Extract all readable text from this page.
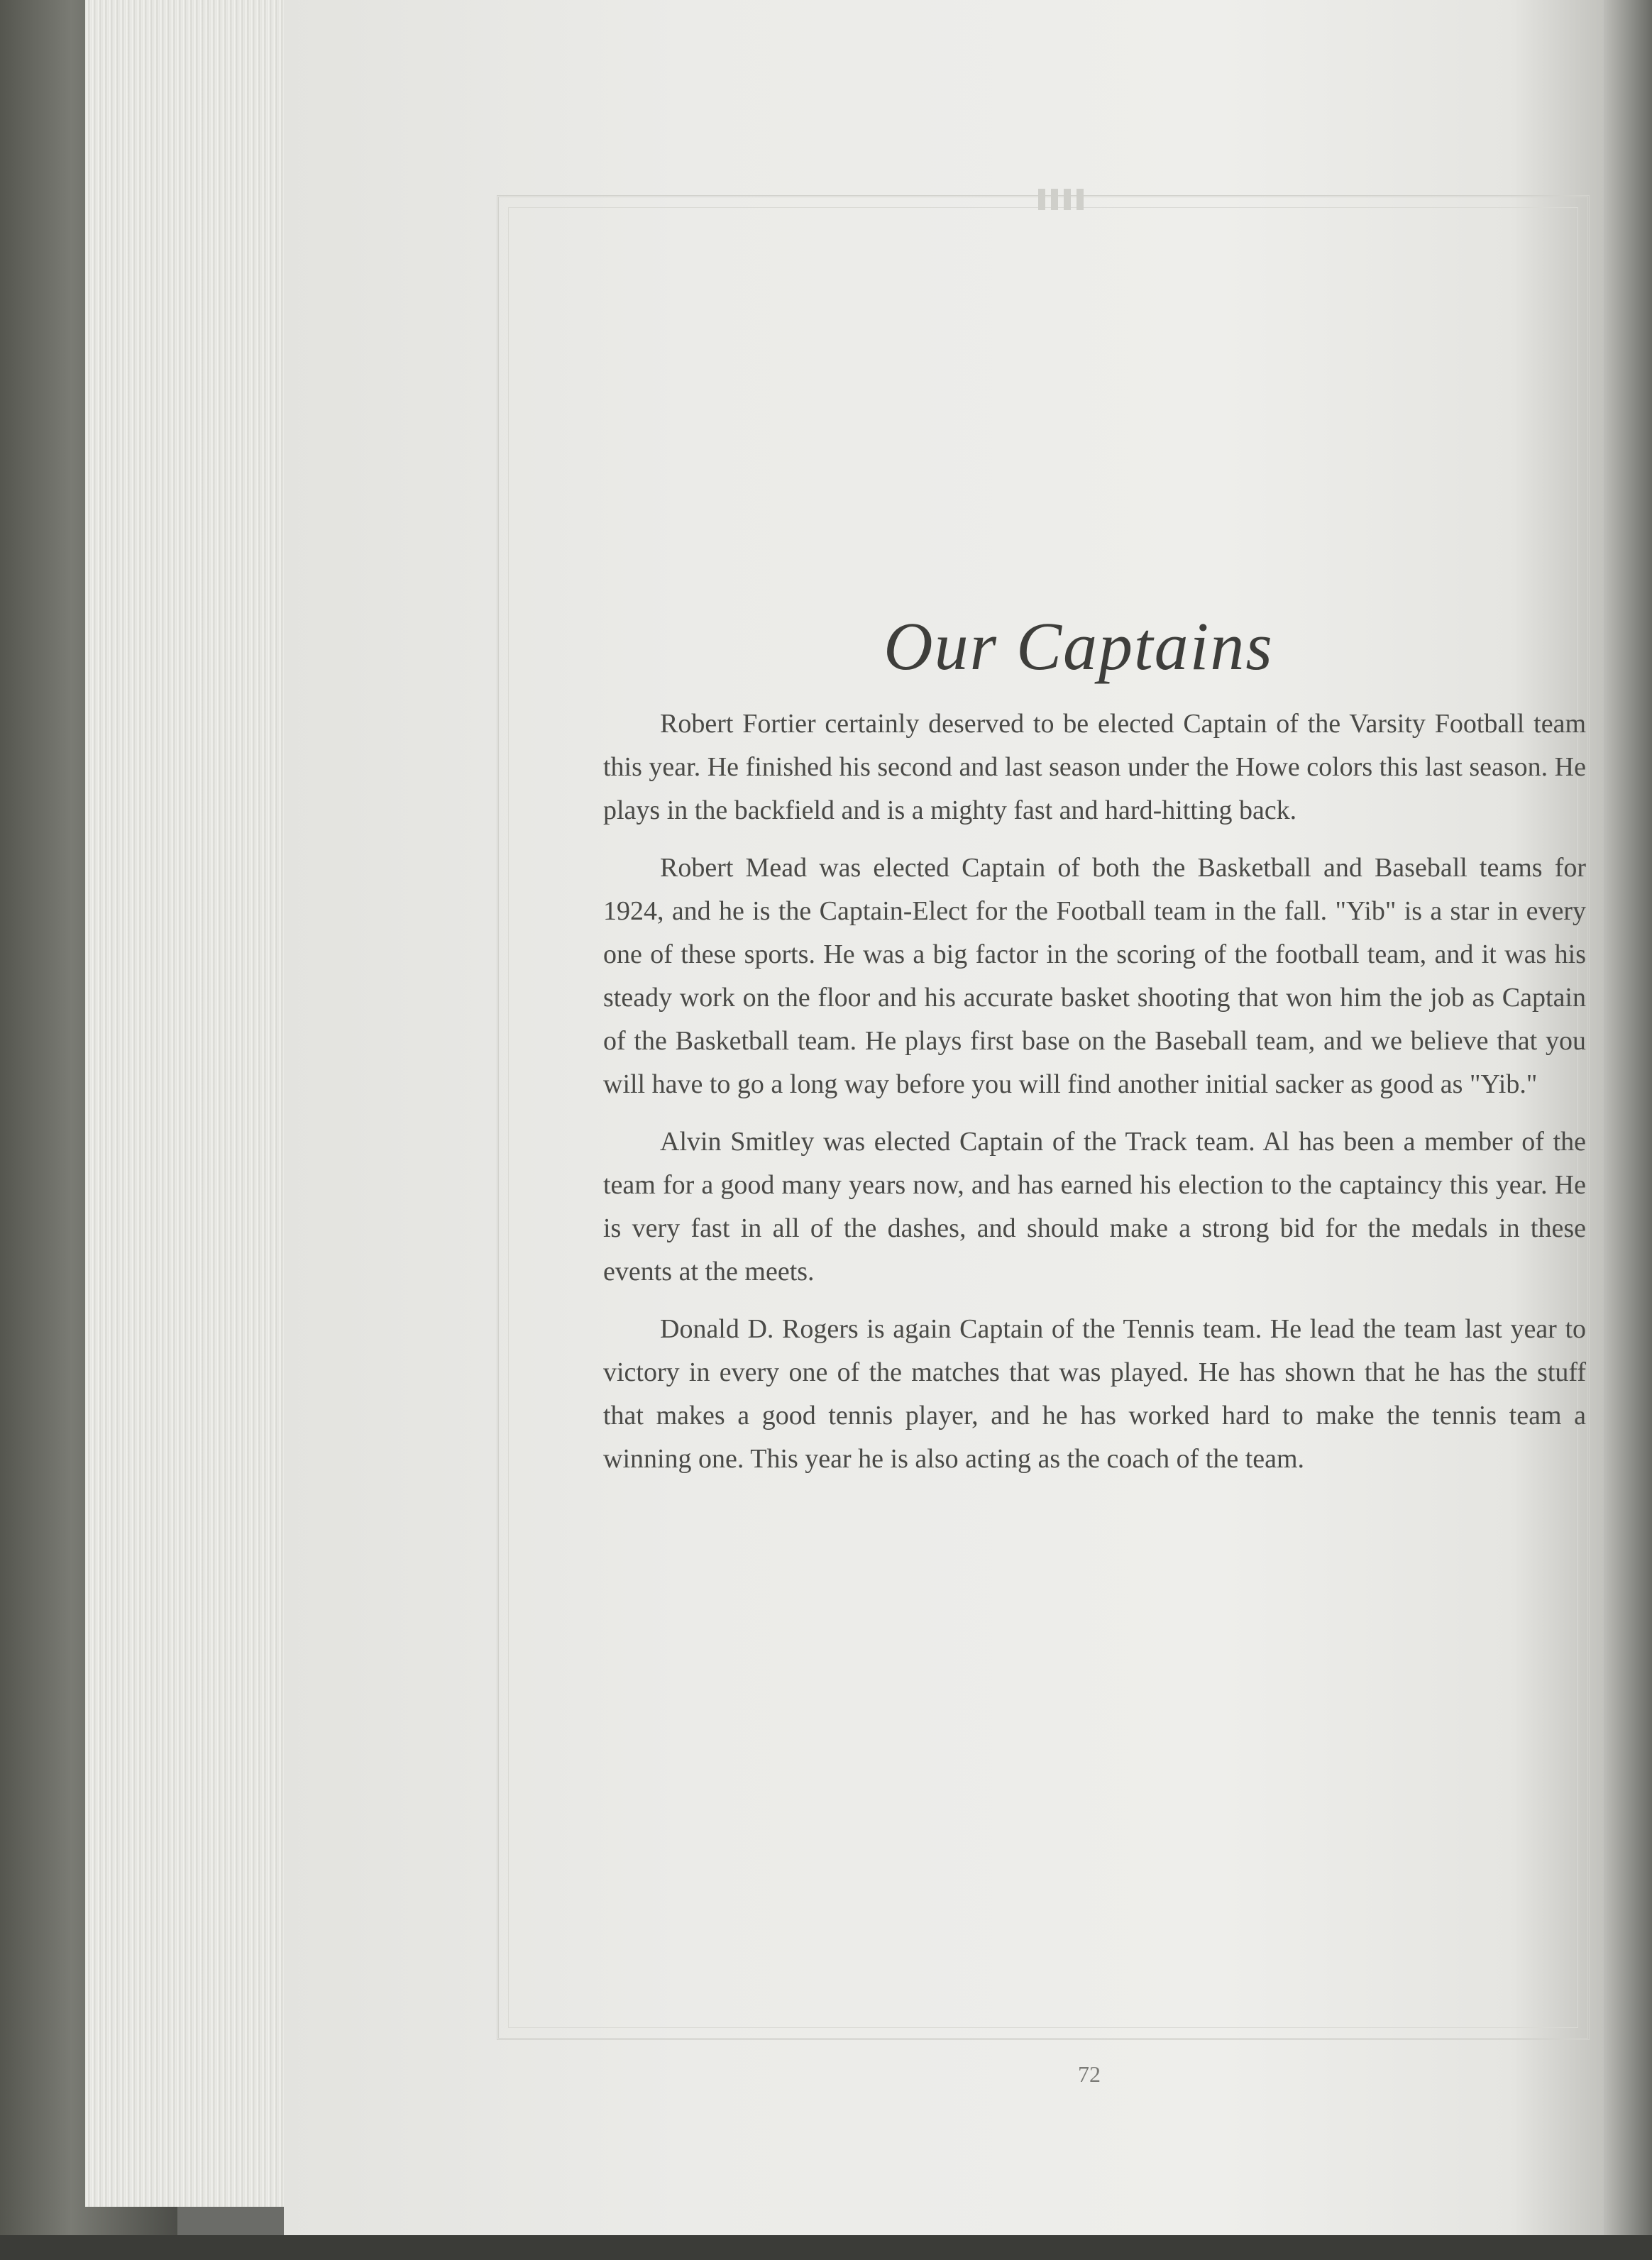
Our Captains

Robert Fortier certainly deserved to be elected Captain of the Varsity Football team this year. He finished his second and last season under the Howe colors this last season. He plays in the backfield and is a mighty fast and hard-hitting back.

Robert Mead was elected Captain of both the Basketball and Baseball teams for 1924, and he is the Captain-Elect for the Football team in the fall. "Yib" is a star in every one of these sports. He was a big factor in the scoring of the football team, and it was his steady work on the floor and his accurate basket shooting that won him the job as Captain of the Basketball team. He plays first base on the Baseball team, and we believe that you will have to go a long way before you will find another initial sacker as good as "Yib."

Alvin Smitley was elected Captain of the Track team. Al has been a member of the team for a good many years now, and has earned his election to the captaincy this year. He is very fast in all of the dashes, and should make a strong bid for the medals in these events at the meets.

Donald D. Rogers is again Captain of the Tennis team. He lead the team last year to victory in every one of the matches that was played. He has shown that he has the stuff that makes a good tennis player, and he has worked hard to make the tennis team a winning one. This year he is also acting as the coach of the team.

72
